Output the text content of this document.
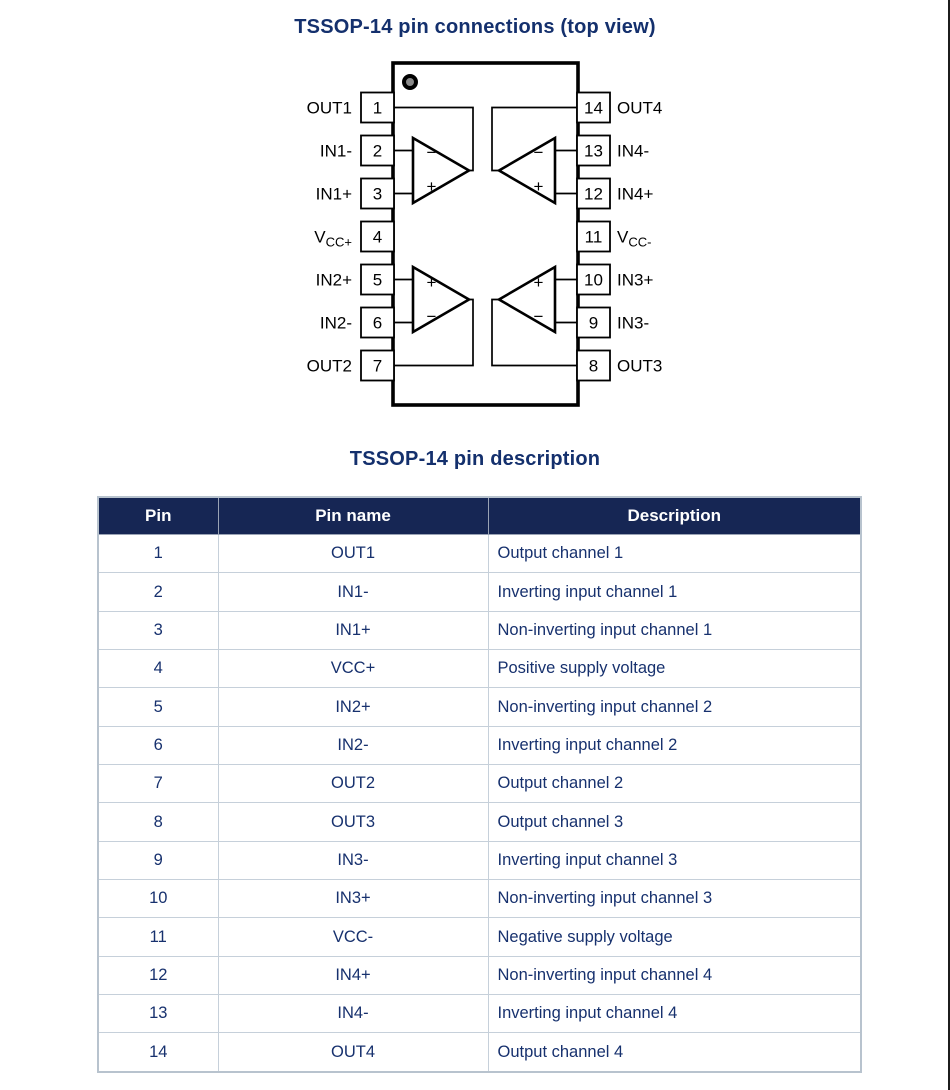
TSSOP-14 pin connections (top view)
−
+
−
+
+
−
+
−
1
OUT1
2
IN1-
3
IN1+
4
$V_{CC+}$
5
IN2+
6
IN2-
7
OUT2
14 OUT4
13 IN4-
12 IN4+
11 $V_{CC-}$
10 IN3+
9 IN3-
8 OUT3
TSSOP-14 pin description
Pin	Pin name	Description
1	OUT1	Output channel 1
2	IN1-	Inverting input channel 1
3	IN1+	Non-inverting input channel 1
4	VCC+	Positive supply voltage
5	IN2+	Non-inverting input channel 2
6	IN2-	Inverting input channel 2
7	OUT2	Output channel 2
8	OUT3	Output channel 3
9	IN3-	Inverting input channel 3
10	IN3+	Non-inverting input channel 3
11	VCC-	Negative supply voltage
12	IN4+	Non-inverting input channel 4
13	IN4-	Inverting input channel 4
14	OUT4	Output channel 4
